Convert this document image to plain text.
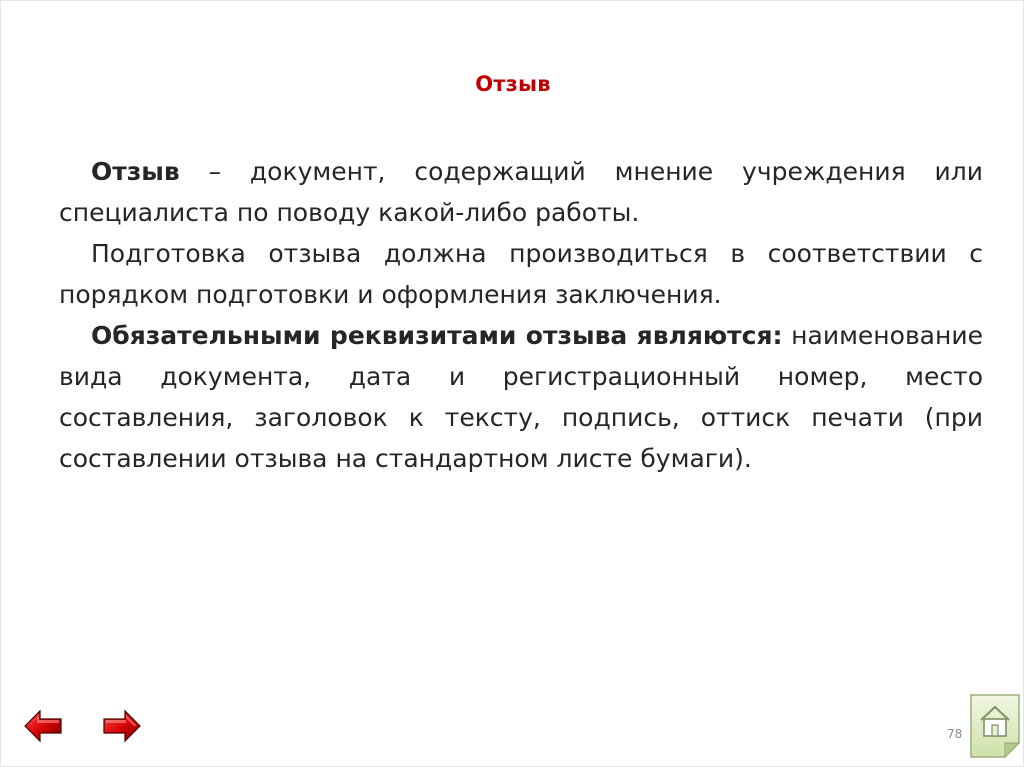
Отзыв

Отзыв – документ, содержащий мнение учреждения или специалиста по поводу какой-либо работы.

Подготовка отзыва должна производиться в соответствии с порядком подготовки и оформления заключения.

Обязательными реквизитами отзыва являются: наименование вида документа, дата и регистрационный номер, место составления, заголовок к тексту, подпись, оттиск печати (при составлении отзыва на стандартном листе бумаги).

78
